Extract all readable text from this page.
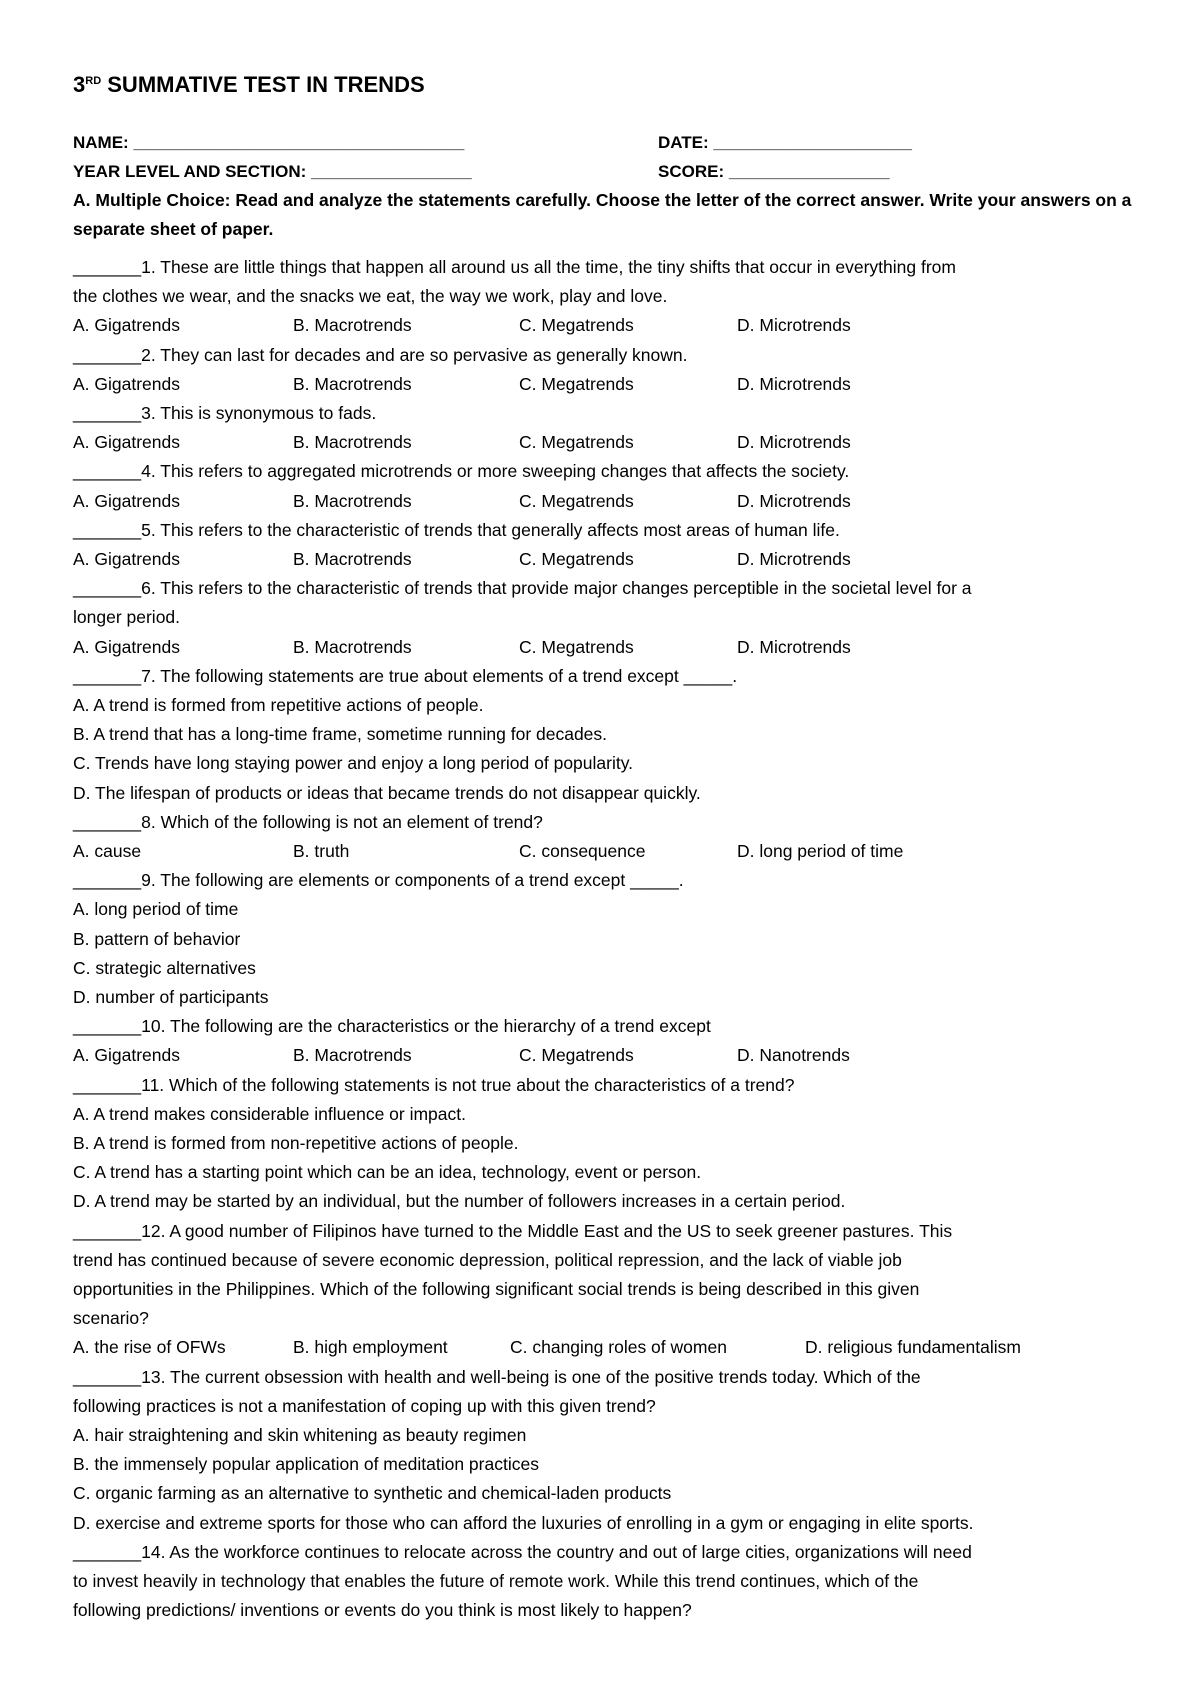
3RD SUMMATIVE TEST IN TRENDS
NAME: ___________________________________	DATE: _____________________
YEAR LEVEL AND SECTION: _________________	SCORE: _________________
A. Multiple Choice: Read and analyze the statements carefully. Choose the letter of the correct answer. Write your answers on a separate sheet of paper.
_______1. These are little things that happen all around us all the time, the tiny shifts that occur in everything from
the clothes we wear, and the snacks we eat, the way we work, play and love.
A. Gigatrends	B. Macrotrends	C. Megatrends	D. Microtrends
_______2. They can last for decades and are so pervasive as generally known.
A. Gigatrends	B. Macrotrends	C. Megatrends	D. Microtrends
_______3. This is synonymous to fads.
A. Gigatrends	B. Macrotrends	C. Megatrends	D. Microtrends
_______4. This refers to aggregated microtrends or more sweeping changes that affects the society.
A. Gigatrends	B. Macrotrends	C. Megatrends	D. Microtrends
_______5. This refers to the characteristic of trends that generally affects most areas of human life.
A. Gigatrends	B. Macrotrends	C. Megatrends	D. Microtrends
_______6. This refers to the characteristic of trends that provide major changes perceptible in the societal level for a
longer period.
A. Gigatrends	B. Macrotrends	C. Megatrends	D. Microtrends
_______7. The following statements are true about elements of a trend except _____.
A. A trend is formed from repetitive actions of people.
B. A trend that has a long-time frame, sometime running for decades.
C. Trends have long staying power and enjoy a long period of popularity.
D. The lifespan of products or ideas that became trends do not disappear quickly.
_______8. Which of the following is not an element of trend?
A. cause	B. truth	C. consequence	D. long period of time
_______9. The following are elements or components of a trend except _____.
A. long period of time
B. pattern of behavior
C. strategic alternatives
D. number of participants
_______10. The following are the characteristics or the hierarchy of a trend except
A. Gigatrends	B. Macrotrends	C. Megatrends	D. Nanotrends
_______11. Which of the following statements is not true about the characteristics of a trend?
A. A trend makes considerable influence or impact.
B. A trend is formed from non-repetitive actions of people.
C. A trend has a starting point which can be an idea, technology, event or person.
D. A trend may be started by an individual, but the number of followers increases in a certain period.
_______12. A good number of Filipinos have turned to the Middle East and the US to seek greener pastures. This
trend has continued because of severe economic depression, political repression, and the lack of viable job
opportunities in the Philippines. Which of the following significant social trends is being described in this given
scenario?
A. the rise of OFWs	B. high employment	C. changing roles of women	D. religious fundamentalism
_______13. The current obsession with health and well-being is one of the positive trends today. Which of the
following practices is not a manifestation of coping up with this given trend?
A. hair straightening and skin whitening as beauty regimen
B. the immensely popular application of meditation practices
C. organic farming as an alternative to synthetic and chemical-laden products
D. exercise and extreme sports for those who can afford the luxuries of enrolling in a gym or engaging in elite sports.
_______14. As the workforce continues to relocate across the country and out of large cities, organizations will need
to invest heavily in technology that enables the future of remote work. While this trend continues, which of the
following predictions/ inventions or events do you think is most likely to happen?
